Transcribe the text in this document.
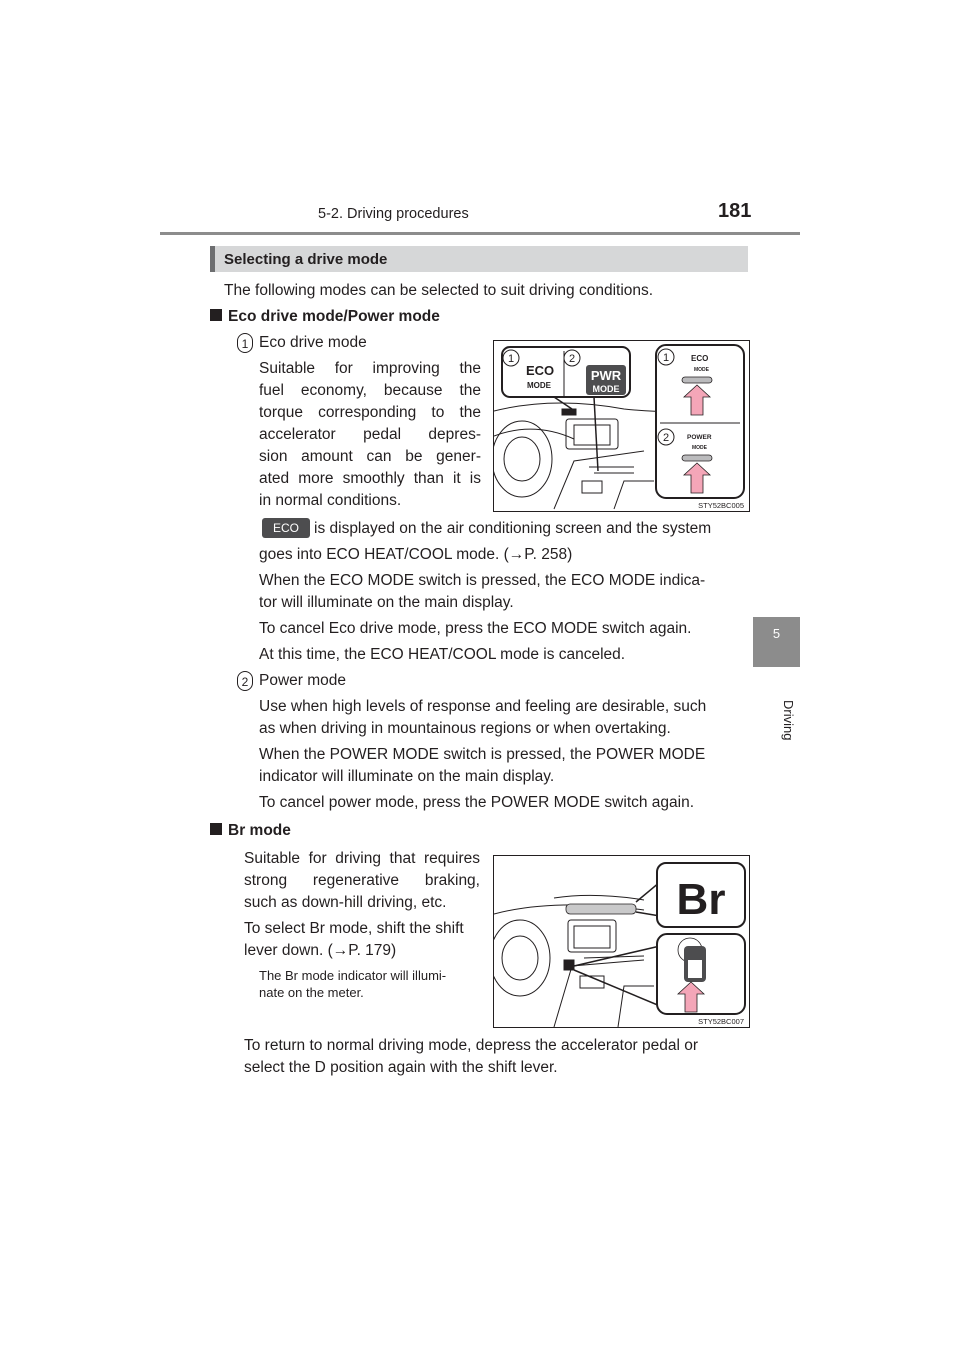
5-2. Driving procedures	181
5
Driving
Selecting a drive mode
The following modes can be selected to suit driving conditions.
Eco drive mode/Power mode
1 Eco drive mode
Suitable for improving the
fuel economy, because the
torque corresponding to the
accelerator pedal depres-
sion amount can be gener-
ated more smoothly than it is
in normal conditions.
1	2
ECO
MODE
PWR
MODE
1	ECO
MODE
2	POWER
MODE
STY52BC005
ECO is displayed on the air conditioning screen and the system
goes into ECO HEAT/COOL mode. (→P. 258)
When the ECO MODE switch is pressed, the ECO MODE indica-
tor will illuminate on the main display.
To cancel Eco drive mode, press the ECO MODE switch again.
At this time, the ECO HEAT/COOL mode is canceled.
2 Power mode
Use when high levels of response and feeling are desirable, such
as when driving in mountainous regions or when overtaking.
When the POWER MODE switch is pressed, the POWER MODE
indicator will illuminate on the main display.
To cancel power mode, press the POWER MODE switch again.
Br mode
Suitable for driving that requires
strong regenerative braking,
such as down-hill driving, etc.
To select Br mode, shift the shift
lever down. (→P. 179)
The Br mode indicator will illumi-
nate on the meter.
Br
STY52BC007
To return to normal driving mode, depress the accelerator pedal or
select the D position again with the shift lever.
